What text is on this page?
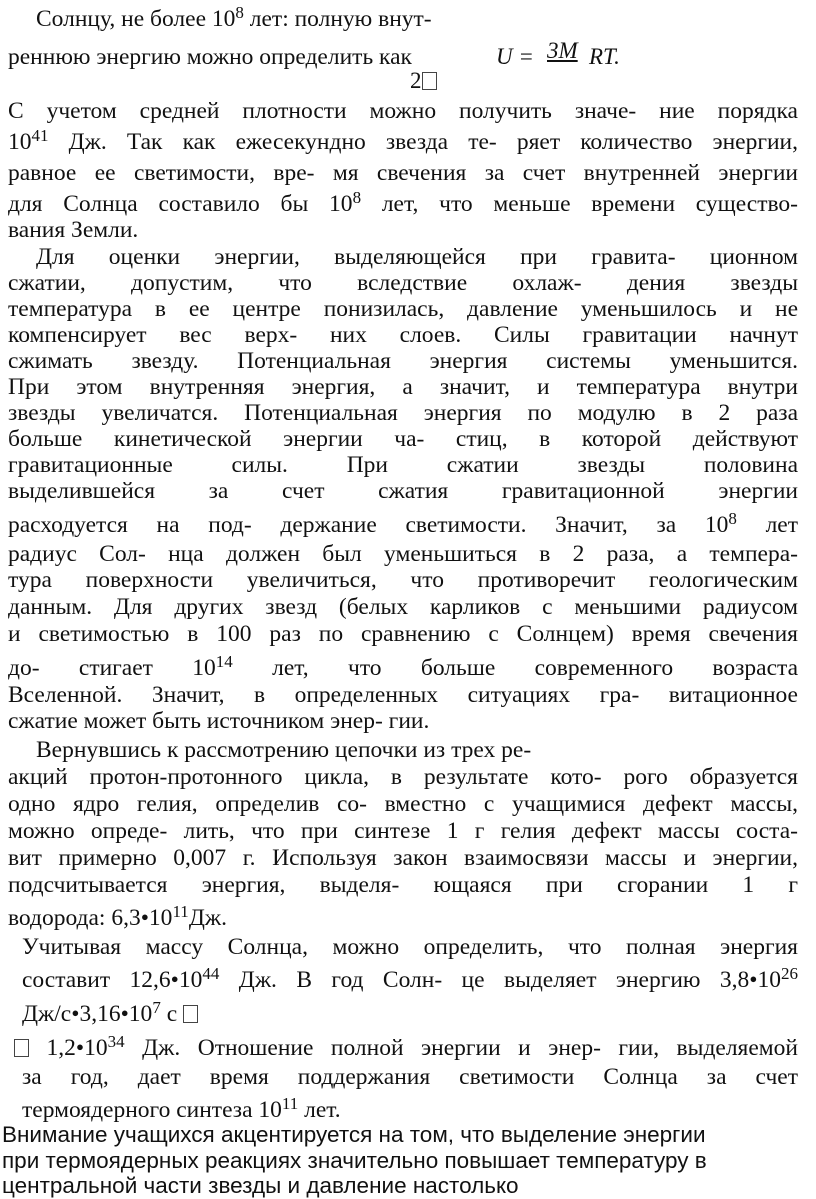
Солнцу, не более $10^8$ лет: полную внут-

реннюю энергию можно определить как	U = 3M RT.
2

С учетом средней плотности можно получить значе- ние порядка

$10^{41}$ Дж. Так как ежесекундно звезда те- ряет количество энергии,

равное ее светимости, вре- мя свечения за счет внутренней энергии

для Солнца составило бы $10^8$ лет, что меньше времени существо-

вания Земли.

Для оценки энергии, выделяющейся при гравита- ционном

сжатии, допустим, что вследствие охлаж- дения звезды

температура в ее центре понизилась, давление уменьшилось и не

компенсирует вес верх- них слоев. Силы гравитации начнут

сжимать звезду. Потенциальная энергия системы уменьшится.

При этом внутренняя энергия, а значит, и температура внутри

звезды увеличатся. Потенциальная энергия по модулю в 2 раза

больше кинетической энергии ча- стиц, в которой действуют

гравитационные силы. При сжатии звезды половина

выделившейся за счет сжатия гравитационной энергии

расходуется на под- держание светимости. Значит, за $10^8$ лет

радиус Сол- нца должен был уменьшиться в 2 раза, а темпера-

тура поверхности увеличиться, что противоречит геологическим

данным. Для других звезд (белых карликов с меньшими радиусом

и светимостью в 100 раз по сравнению с Солнцем) время свечения

до- стигает $10^{14}$ лет, что больше современного возраста

Вселенной. Значит, в определенных ситуациях гра- витационное

сжатие может быть источником энер- гии.

Вернувшись к рассмотрению цепочки из трех ре-

акций протон-протонного цикла, в результате кото- рого образуется

одно ядро гелия, определив со- вместно с учащимися дефект массы,

можно опреде- лить, что при синтезе 1 г гелия дефект массы соста-

вит примерно 0,007 г. Используя закон взаимосвязи массы и энергии,

подсчитывается энергия, выделя- ющаяся при сгорании 1 г

водорода: $6,3•10^{11}Дж$.

Учитывая массу Солнца, можно определить, что полная энергия

составит $12,6•10^{44}$ Дж. В год Солн- це выделяет энергию $3,8•10^{26}$

$Дж/с•3,16•10^7$ с

$1,2•10^{34}$ Дж. Отношение полной энергии и энер- гии, выделяемой

за год, дает время поддержания светимости Солнца за счет

термоядерного синтеза $10^{11}$ лет.

Внимание учащихся акцентируется на том, что выделение энергии

при термоядерных реакциях значительно повышает температуру в

центральной части звезды и давление настолько
